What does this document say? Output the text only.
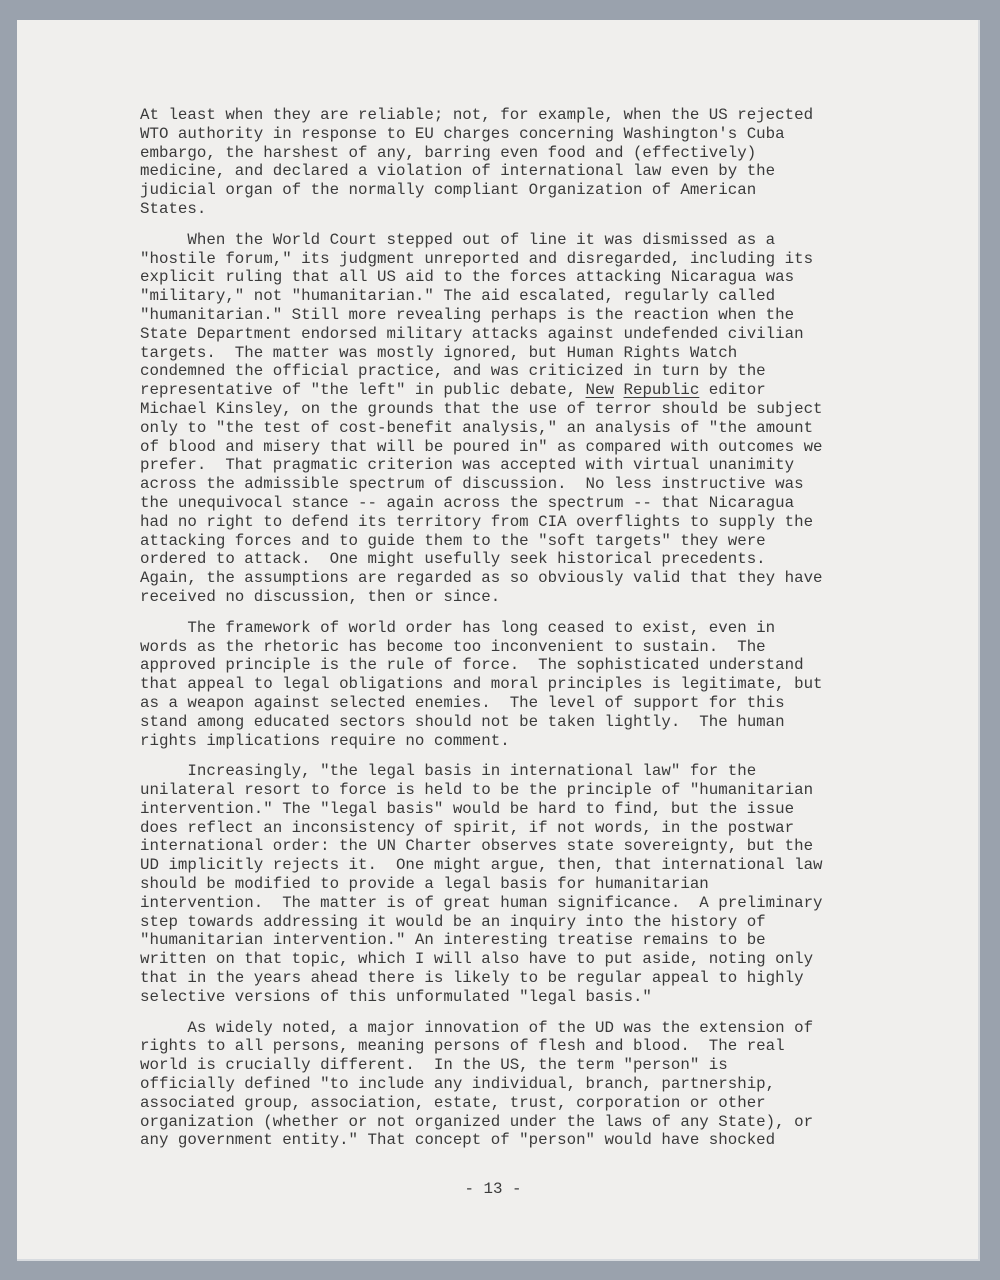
At least when they are reliable; not, for example, when the US rejected
WTO authority in response to EU charges concerning Washington's Cuba
embargo, the harshest of any, barring even food and (effectively)
medicine, and declared a violation of international law even by the
judicial organ of the normally compliant Organization of American
States.
When the World Court stepped out of line it was dismissed as a
"hostile forum," its judgment unreported and disregarded, including its
explicit ruling that all US aid to the forces attacking Nicaragua was
"military," not "humanitarian." The aid escalated, regularly called
"humanitarian." Still more revealing perhaps is the reaction when the
State Department endorsed military attacks against undefended civilian
targets.  The matter was mostly ignored, but Human Rights Watch
condemned the official practice, and was criticized in turn by the
representative of "the left" in public debate, New Republic editor
Michael Kinsley, on the grounds that the use of terror should be subject
only to "the test of cost-benefit analysis," an analysis of "the amount
of blood and misery that will be poured in" as compared with outcomes we
prefer.  That pragmatic criterion was accepted with virtual unanimity
across the admissible spectrum of discussion.  No less instructive was
the unequivocal stance -- again across the spectrum -- that Nicaragua
had no right to defend its territory from CIA overflights to supply the
attacking forces and to guide them to the "soft targets" they were
ordered to attack.  One might usefully seek historical precedents.
Again, the assumptions are regarded as so obviously valid that they have
received no discussion, then or since.
The framework of world order has long ceased to exist, even in
words as the rhetoric has become too inconvenient to sustain.  The
approved principle is the rule of force.  The sophisticated understand
that appeal to legal obligations and moral principles is legitimate, but
as a weapon against selected enemies.  The level of support for this
stand among educated sectors should not be taken lightly.  The human
rights implications require no comment.
Increasingly, "the legal basis in international law" for the
unilateral resort to force is held to be the principle of "humanitarian
intervention." The "legal basis" would be hard to find, but the issue
does reflect an inconsistency of spirit, if not words, in the postwar
international order: the UN Charter observes state sovereignty, but the
UD implicitly rejects it.  One might argue, then, that international law
should be modified to provide a legal basis for humanitarian
intervention.  The matter is of great human significance.  A preliminary
step towards addressing it would be an inquiry into the history of
"humanitarian intervention." An interesting treatise remains to be
written on that topic, which I will also have to put aside, noting only
that in the years ahead there is likely to be regular appeal to highly
selective versions of this unformulated "legal basis."
As widely noted, a major innovation of the UD was the extension of
rights to all persons, meaning persons of flesh and blood.  The real
world is crucially different.  In the US, the term "person" is
officially defined "to include any individual, branch, partnership,
associated group, association, estate, trust, corporation or other
organization (whether or not organized under the laws of any State), or
any government entity." That concept of "person" would have shocked
- 13 -
